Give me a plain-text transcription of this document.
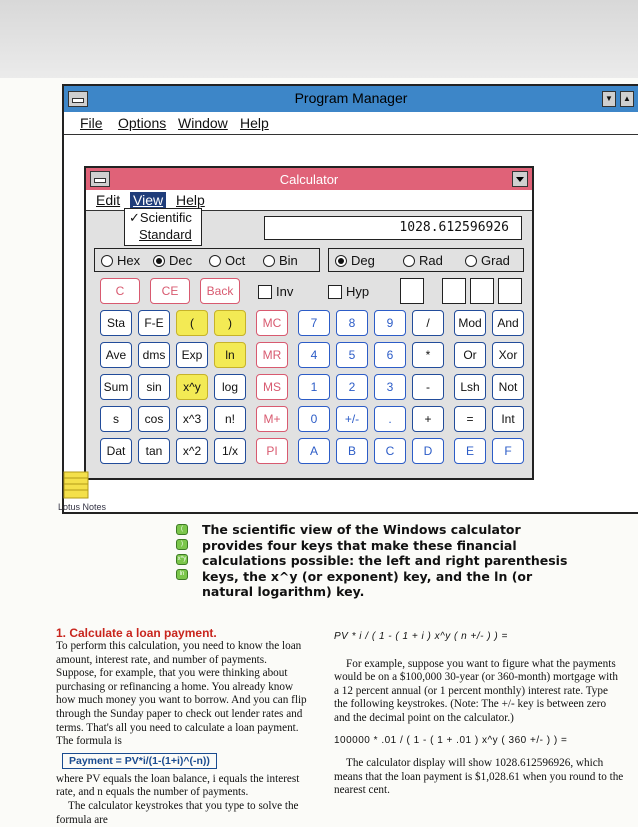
Program Manager	▼	▲
File Options Window Help
Calculator
Edit View Help
✓Scientific
Standard	1028.612596926
Hex Dec	Oct	Bin	Deg	Rad	Grad
C	CE	Back	Inv	Hyp
Sta	F-E	(	)	MC	7	8	9	/	Mod	And
Ave	dms	Exp	ln	MR	4	5	6	*	Or	Xor
Sum	sin	x^y	log	MS	1	2	3	-	Lsh	Not
s	cos	x^3	n!	M+	0	+/-	.	+	=	Int
Dat	tan	x^2	1/x	PI	A	B	C	D	E	F
Lotus Notes
(
)
x^y
ln
The scientific view of the Windows calculator provides four keys that make these financial calculations possible: the left and right parenthesis keys, the x^y (or exponent) key, and the ln (or natural logarithm) key.
1. Calculate a loan payment.

To perform this calculation, you need to know the loan amount, interest rate, and number of payments. Suppose, for example, that you were thinking about purchasing or refinancing a home. You already know how much money you want to borrow. And you can flip through the Sunday paper to check out lender rates and terms. That's all you need to calculate a loan payment. The formula is

Payment = PV*i/(1-(1+i)^(-n))

where PV equals the loan balance, i equals the interest rate, and n equals the number of payments.

The calculator keystrokes that you type to solve the formula are

PV * i / ( 1 - ( 1 + i ) x^y ( n +/- ) ) =

For example, suppose you want to figure what the payments would be on a $100,000 30-year (or 360-month) mortgage with a 12 percent annual (or 1 percent monthly) interest rate. Type the following keystrokes. (Note: The +/- key is between zero and the decimal point on the calculator.)

100000 * .01 / ( 1 - ( 1 + .01 ) x^y ( 360 +/- ) ) =

The calculator display will show 1028.612596926, which means that the loan payment is $1,028.61 when you round to the nearest cent.
